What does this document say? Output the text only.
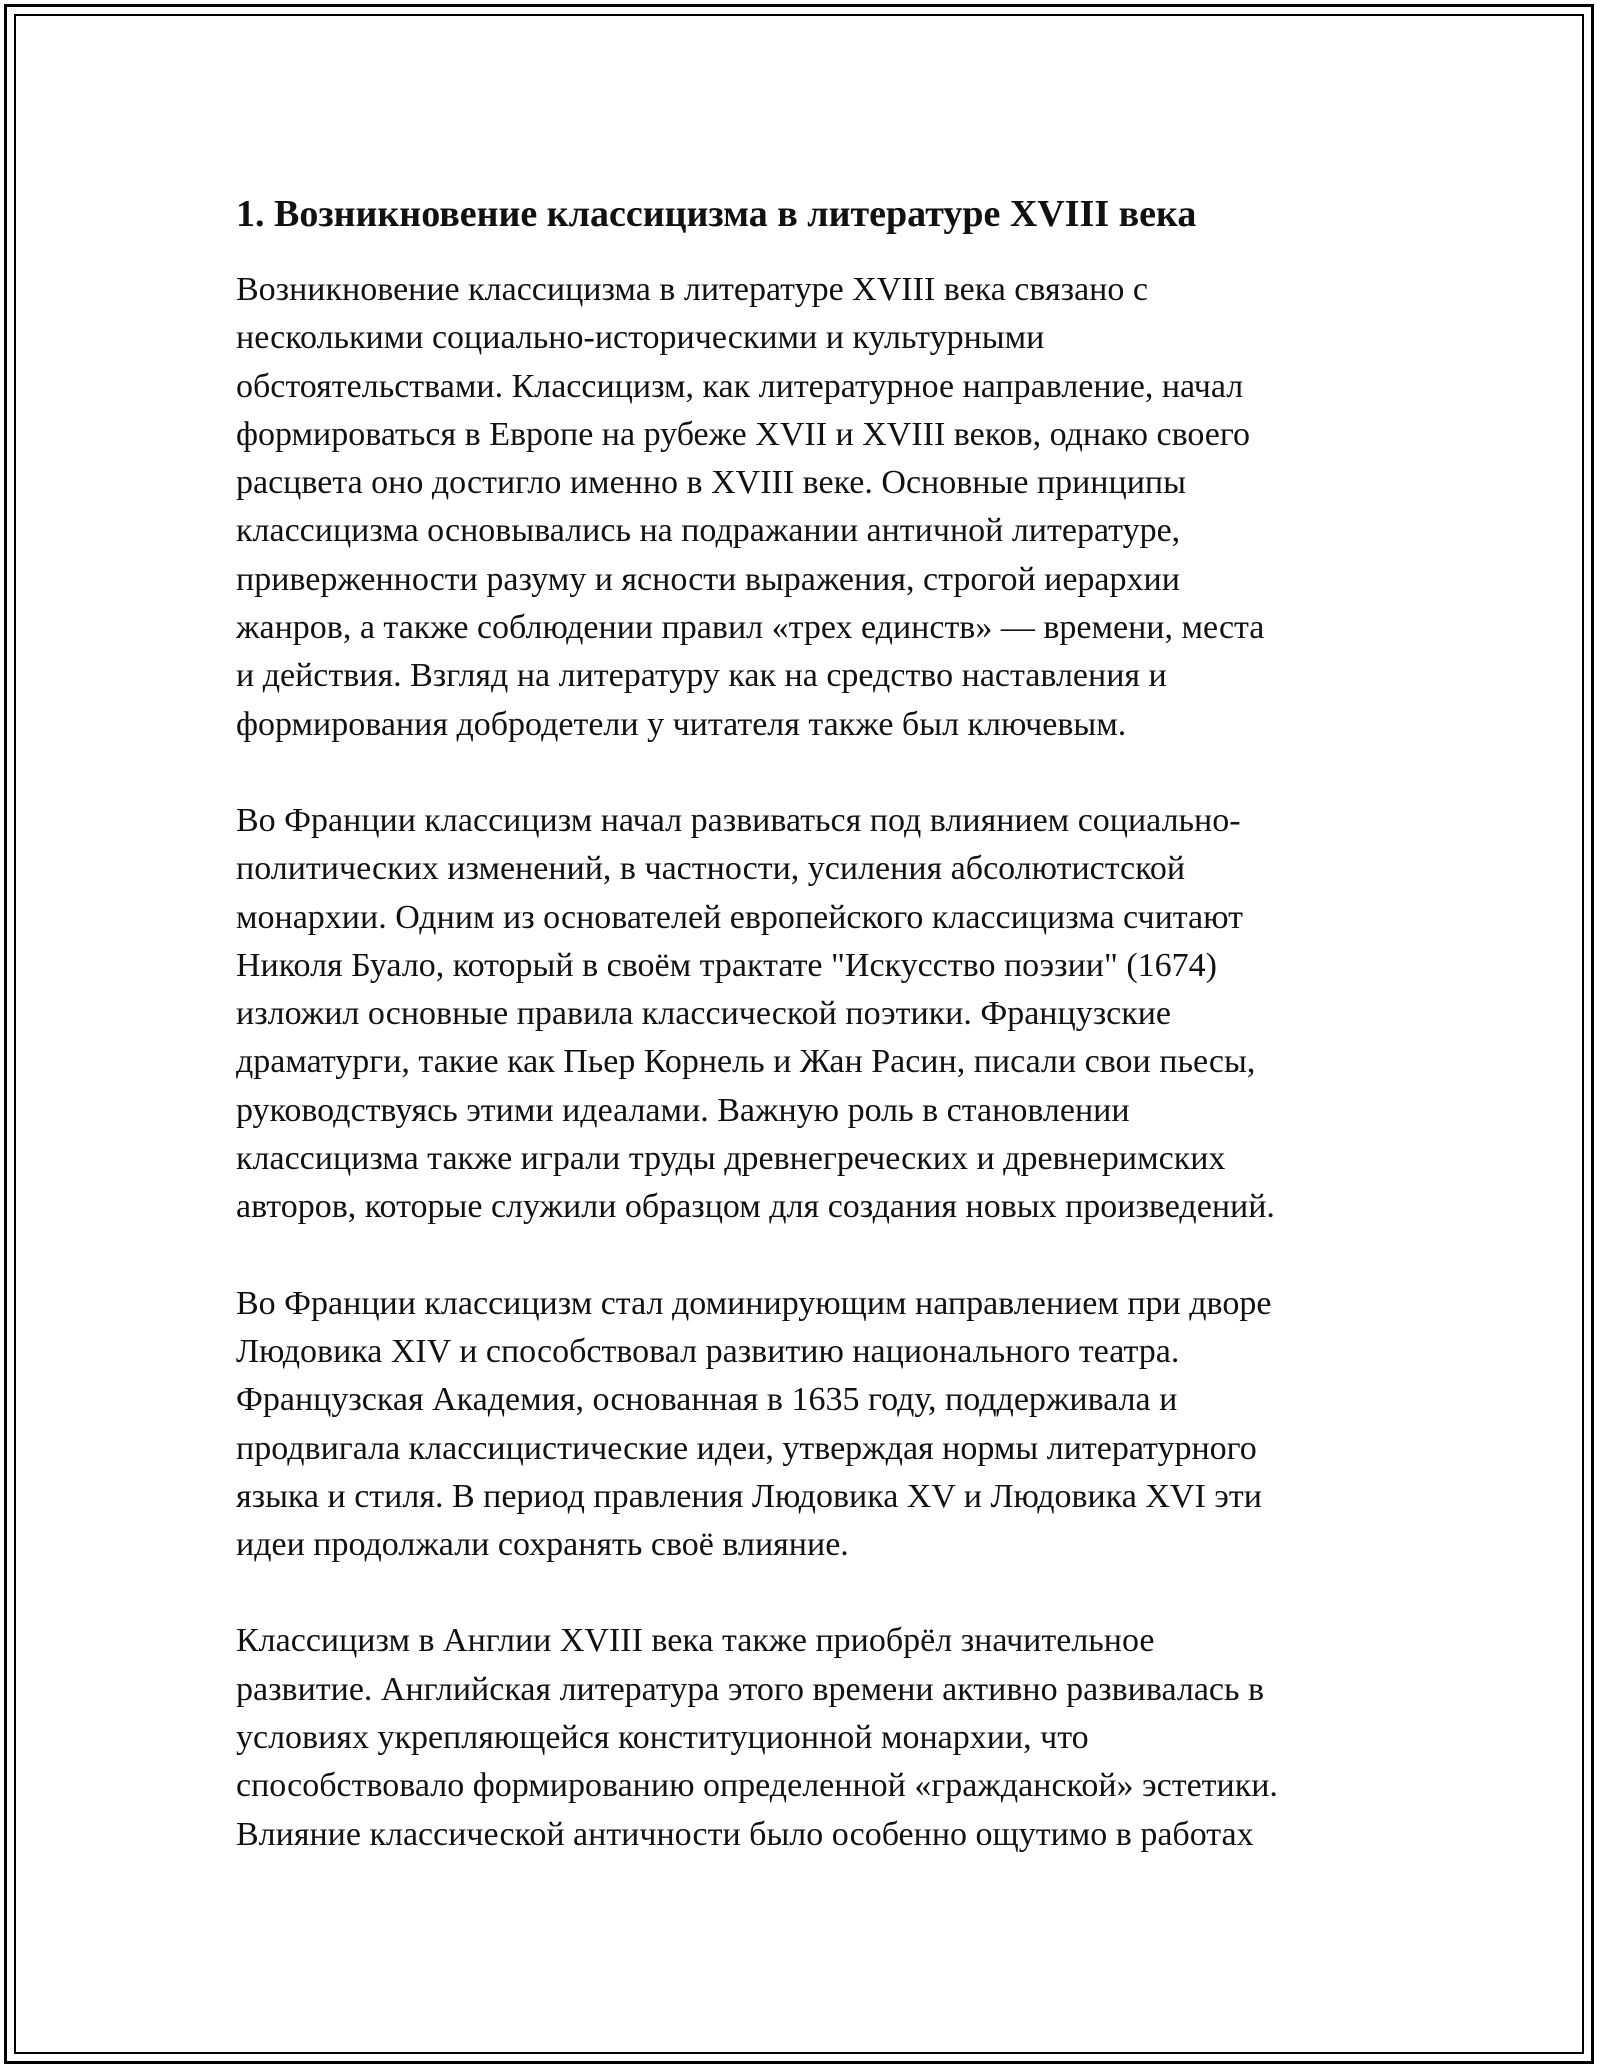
1. Возникновение классицизма в литературе XVIII века

Возникновение классицизма в литературе XVIII века связано с
несколькими социально-историческими и культурными
обстоятельствами. Классицизм, как литературное направление, начал
формироваться в Европе на рубеже XVII и XVIII веков, однако своего
расцвета оно достигло именно в XVIII веке. Основные принципы
классицизма основывались на подражании античной литературе,
приверженности разуму и ясности выражения, строгой иерархии
жанров, а также соблюдении правил «трех единств» — времени, места
и действия. Взгляд на литературу как на средство наставления и
формирования добродетели у читателя также был ключевым.

Во Франции классицизм начал развиваться под влиянием социально-
политических изменений, в частности, усиления абсолютистской
монархии. Одним из основателей европейского классицизма считают
Николя Буало, который в своём трактате "Искусство поэзии" (1674)
изложил основные правила классической поэтики. Французские
драматурги, такие как Пьер Корнель и Жан Расин, писали свои пьесы,
руководствуясь этими идеалами. Важную роль в становлении
классицизма также играли труды древнегреческих и древнеримских
авторов, которые служили образцом для создания новых произведений.

Во Франции классицизм стал доминирующим направлением при дворе
Людовика XIV и способствовал развитию национального театра.
Французская Академия, основанная в 1635 году, поддерживала и
продвигала классицистические идеи, утверждая нормы литературного
языка и стиля. В период правления Людовика XV и Людовика XVI эти
идеи продолжали сохранять своё влияние.

Классицизм в Англии XVIII века также приобрёл значительное
развитие. Английская литература этого времени активно развивалась в
условиях укрепляющейся конституционной монархии, что
способствовало формированию определенной «гражданской» эстетики.
Влияние классической античности было особенно ощутимо в работах
